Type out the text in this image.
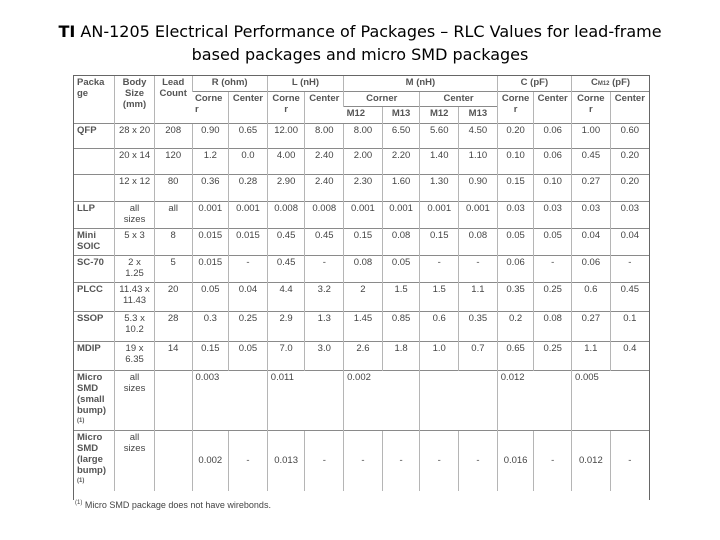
TI AN-1205 Electrical Performance of Packages – RLC Values for lead-frame
based packages and micro SMD packages
Packa ge	Body Size (mm)	Lead Count	R (ohm)		L (nH)		M (nH)				C (pF)		CM12 (pF)	
			Corne r	Center	Corne r	Center	Corner		Center		Corne r	Center	Corne r	Center
							M12	M13	M12	M13				
QFP	28 x 20	208	0.90	0.65	12.00	8.00	8.00	6.50	5.60	4.50	0.20	0.06	1.00	0.60
	20 x 14	120	1.2	0.0	4.00	2.40	2.00	2.20	1.40	1.10	0.10	0.06	0.45	0.20
	12 x 12	80	0.36	0.28	2.90	2.40	2.30	1.60	1.30	0.90	0.15	0.10	0.27	0.20
LLP	all sizes	all	0.001	0.001	0.008	0.008	0.001	0.001	0.001	0.001	0.03	0.03	0.03	0.03
Mini SOIC	5 x 3	8	0.015	0.015	0.45	0.45	0.15	0.08	0.15	0.08	0.05	0.05	0.04	0.04
SC-70	2 x 1.25	5	0.015	-	0.45	-	0.08	0.05	-	-	0.06	-	0.06	-
PLCC	11.43 x 11.43	20	0.05	0.04	4.4	3.2	2	1.5	1.5	1.1	0.35	0.25	0.6	0.45
SSOP	5.3 x 10.2	28	0.3	0.25	2.9	1.3	1.45	0.85	0.6	0.35	0.2	0.08	0.27	0.1
MDIP	19 x 6.35	14	0.15	0.05	7.0	3.0	2.6	1.8	1.0	0.7	0.65	0.25	1.1	0.4
Micro SMD (small bump)
$^{(1)}$	all sizes		0.003		0.011		0.002				0.012		0.005	
Micro SMD (large bump)
$^{(1)}$	all sizes		0.002	-	0.013	-	-	-	-	-	0.016	-	0.012	-
$^{(1)}$ Micro SMD package does not have wirebonds.
